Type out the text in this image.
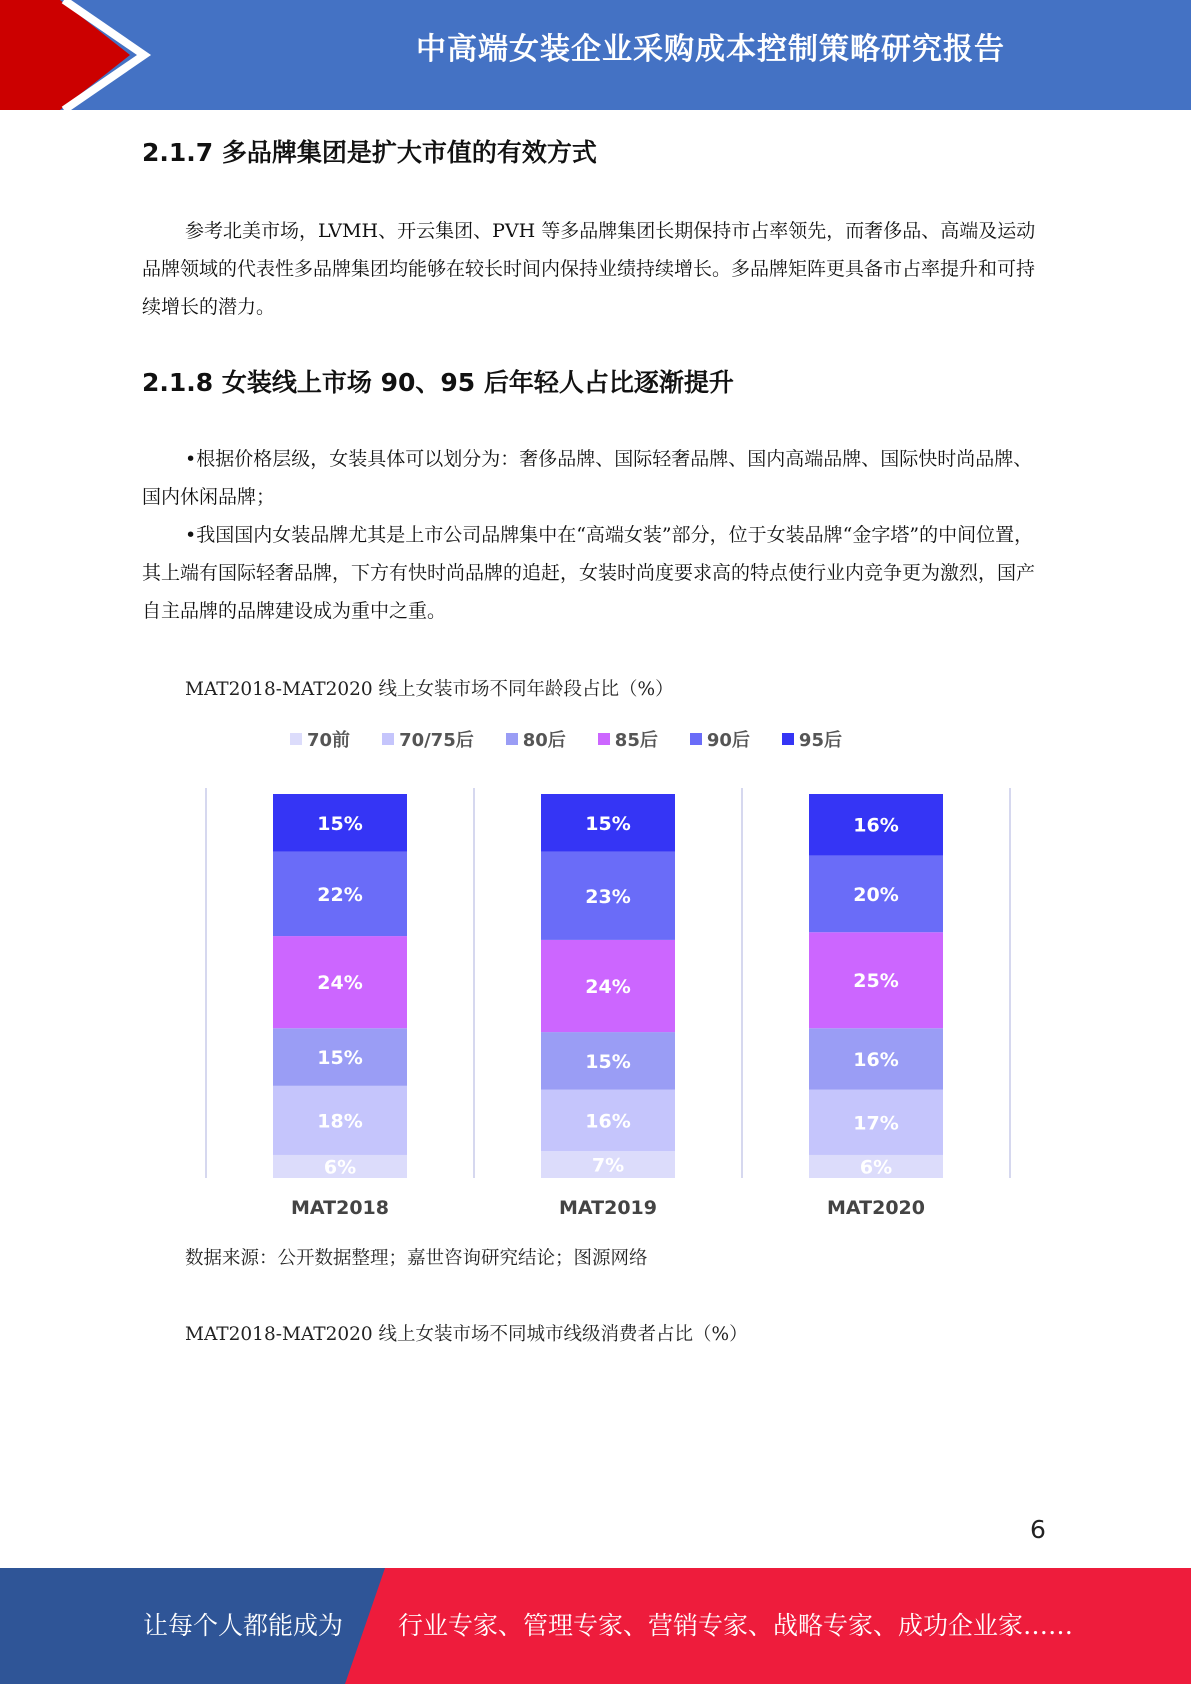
中高端女装企业采购成本控制策略研究报告
2.1.7 多品牌集团是扩大市值的有效方式

参考北美市场，LVMH、开云集团、PVH 等多品牌集团长期保持市占率领先，而奢侈品、高端及运动品牌领域的代表性多品牌集团均能够在较长时间内保持业绩持续增长。多品牌矩阵更具备市占率提升和可持续增长的潜力。

2.1.8 女装线上市场 90、95 后年轻人占比逐渐提升

•根据价格层级，女装具体可以划分为：奢侈品牌、国际轻奢品牌、国内高端品牌、国际快时尚品牌、国内休闲品牌；

•我国国内女装品牌尤其是上市公司品牌集中在“高端女装”部分，位于女装品牌“金字塔”的中间位置，其上端有国际轻奢品牌，下方有快时尚品牌的追赶，女装时尚度要求高的特点使行业内竞争更为激烈，国产自主品牌的品牌建设成为重中之重。

MAT2018-MAT2020 线上女装市场不同年龄段占比（%）

70前	70/75后	80后	85后	90后	95后
6%
18%
15%
24%
22%
15%
MAT2018
7%
16%
15%
24%
23%
15%
MAT2019
6%
17%
16%
25%
20%
16%
MAT2020

数据来源：公开数据整理；嘉世咨询研究结论；图源网络

MAT2018-MAT2020 线上女装市场不同城市线级消费者占比（%）

6
让每个人都能成为 行业专家、管理专家、营销专家、战略专家、成功企业家……
